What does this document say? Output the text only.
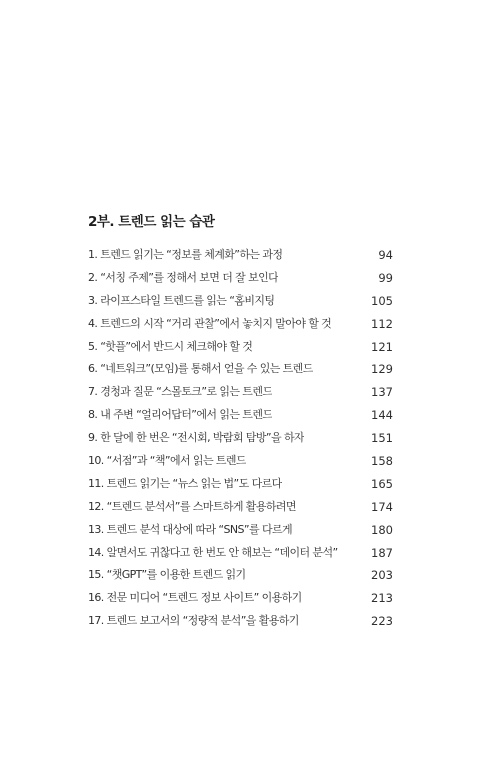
2부. 트렌드 읽는 습관
1. 트렌드 읽기는 “정보를 체계화”하는 과정	94
2. “서칭 주제”를 정해서 보면 더 잘 보인다	99
3. 라이프스타일 트렌드를 읽는 “홈비지팅	105
4. 트렌드의 시작 “거리 관찰”에서 놓치지 말아야 할 것	112
5. “핫플”에서 반드시 체크해야 할 것	121
6. “네트워크”(모임)를 통해서 얻을 수 있는 트렌드	129
7. 경청과 질문 “스몰토크”로 읽는 트렌드	137
8. 내 주변 “얼리어답터”에서 읽는 트렌드	144
9. 한 달에 한 번은 “전시회, 박람회 탐방”을 하자	151
10. “서점”과 “책”에서 읽는 트렌드	158
11. 트렌드 읽기는 “뉴스 읽는 법”도 다르다	165
12. “트렌드 분석서”를 스마트하게 활용하려면	174
13. 트렌드 분석 대상에 따라 “SNS”를 다르게	180
14. 알면서도 귀찮다고 한 번도 안 해보는 “데이터 분석”	187
15. “챗GPT”를 이용한 트렌드 읽기	203
16. 전문 미디어 “트렌드 정보 사이트” 이용하기	213
17. 트렌드 보고서의 “정량적 분석”을 활용하기	223
